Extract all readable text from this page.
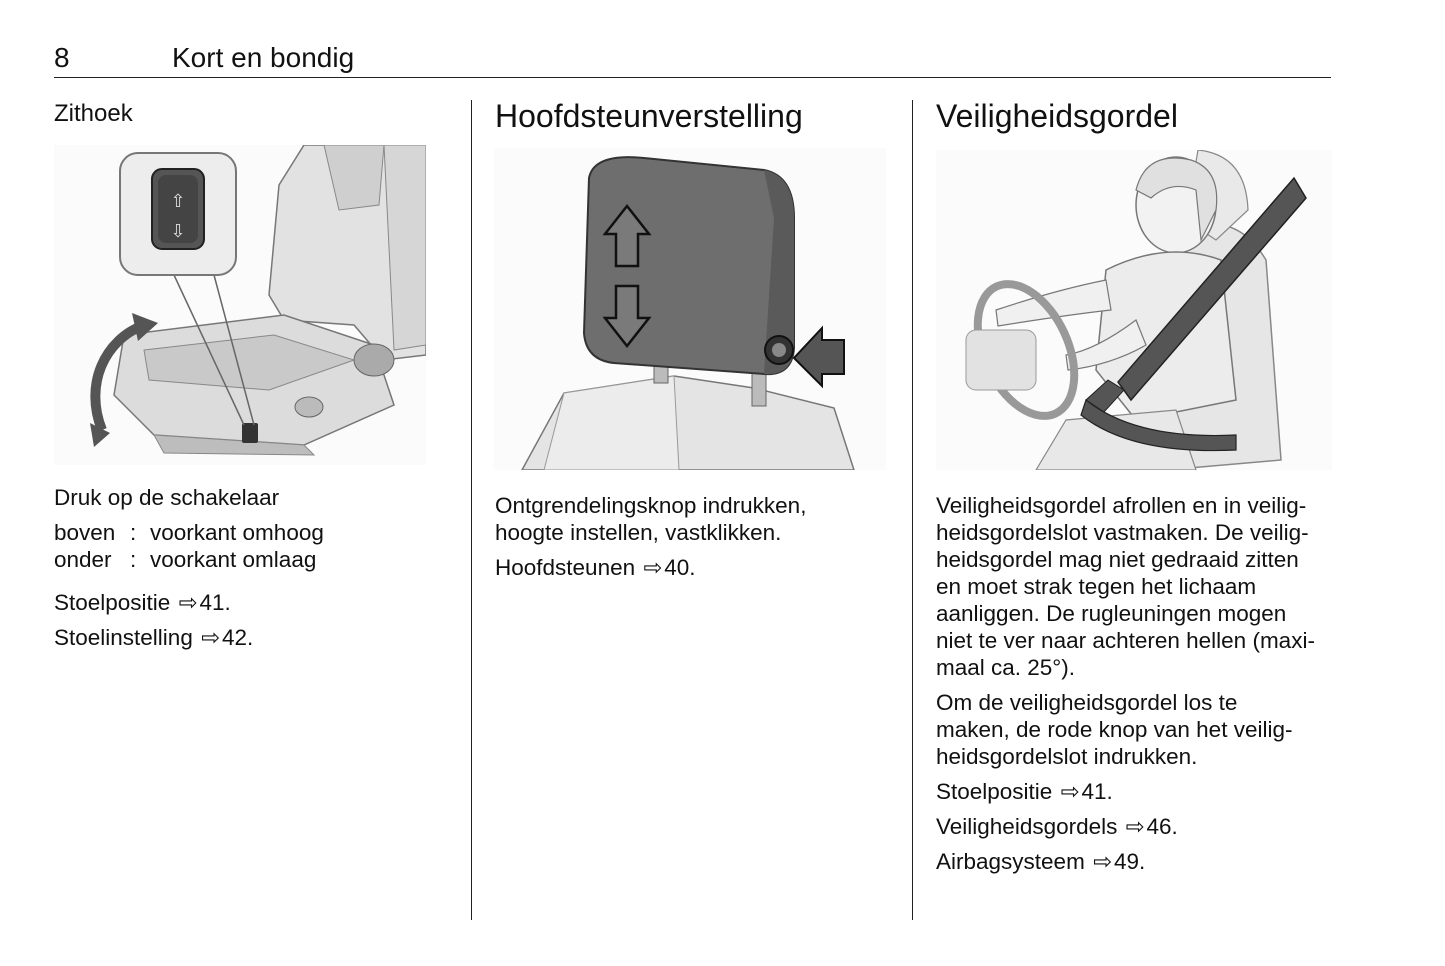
8	Kort en bondig
Zithoek
⇧
⇩

Druk op de schakelaar

boven : voorkant omhoog
onder : voorkant omlaag

Stoelpositie ⇨41.

Stoelinstelling ⇨42.

Hoofdsteunverstelling

Ontgrendelingsknop indrukken,

hoogte instellen, vastklikken.

Hoofdsteunen ⇨40.

Veiligheidsgordel

Veiligheidsgordel afrollen en in veilig-

heidsgordelslot vastmaken. De veilig-

heidsgordel mag niet gedraaid zitten

en moet strak tegen het lichaam

aanliggen. De rugleuningen mogen

niet te ver naar achteren hellen (maxi-

maal ca. 25°).

Om de veiligheidsgordel los te

maken, de rode knop van het veilig-

heidsgordelslot indrukken.

Stoelpositie ⇨41.

Veiligheidsgordels ⇨46.

Airbagsysteem ⇨49.
